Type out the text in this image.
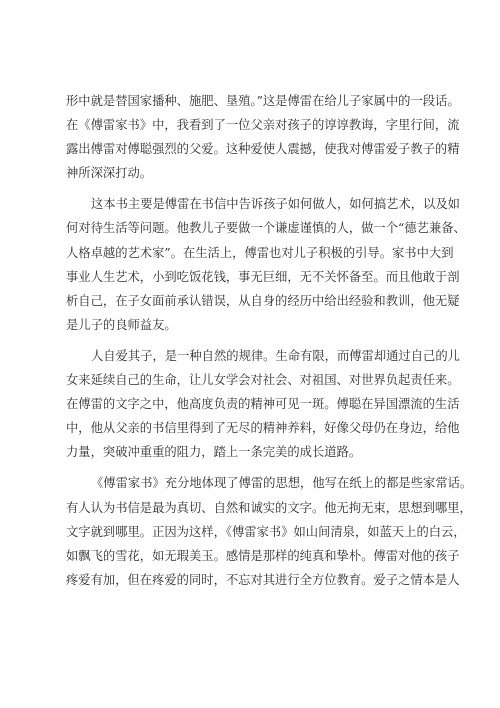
形中就是替国家播种、施肥、垦殖。”这是傅雷在给儿子家属中的一段话。
在《傅雷家书》中，我看到了一位父亲对孩子的谆谆教诲，字里行间，流
露出傅雷对傅聪强烈的父爱。这种爱使人震撼，使我对傅雷爱子教子的精
神所深深打动。
这本书主要是傅雷在书信中告诉孩子如何做人，如何搞艺术，以及如
何对待生活等问题。他教儿子要做一个谦虚谨慎的人，做一个“德艺兼备、
人格卓越的艺术家”。在生活上，傅雷也对儿子积极的引导。家书中大到
事业人生艺术，小到吃饭花钱，事无巨细，无不关怀备至。而且他敢于剖
析自己，在子女面前承认错误，从自身的经历中给出经验和教训，他无疑
是儿子的良师益友。
人自爱其子，是一种自然的规律。生命有限，而傅雷却通过自己的儿
女来延续自己的生命，让儿女学会对社会、对祖国、对世界负起责任来。
在傅雷的文字之中，他高度负责的精神可见一斑。傅聪在异国漂流的生活
中，他从父亲的书信里得到了无尽的精神养料，好像父母仍在身边，给他
力量，突破冲重重的阻力，踏上一条完美的成长道路。
《傅雷家书》充分地体现了傅雷的思想，他写在纸上的都是些家常话。
有人认为书信是最为真切、自然和诚实的文字。他无拘无束，思想到哪里，
文字就到哪里。正因为这样，《傅雷家书》如山间清泉，如蓝天上的白云，
如飘飞的雪花，如无瑕美玉。感情是那样的纯真和挚朴。傅雷对他的孩子
疼爱有加，但在疼爱的同时，不忘对其进行全方位教育。爱子之情本是人
